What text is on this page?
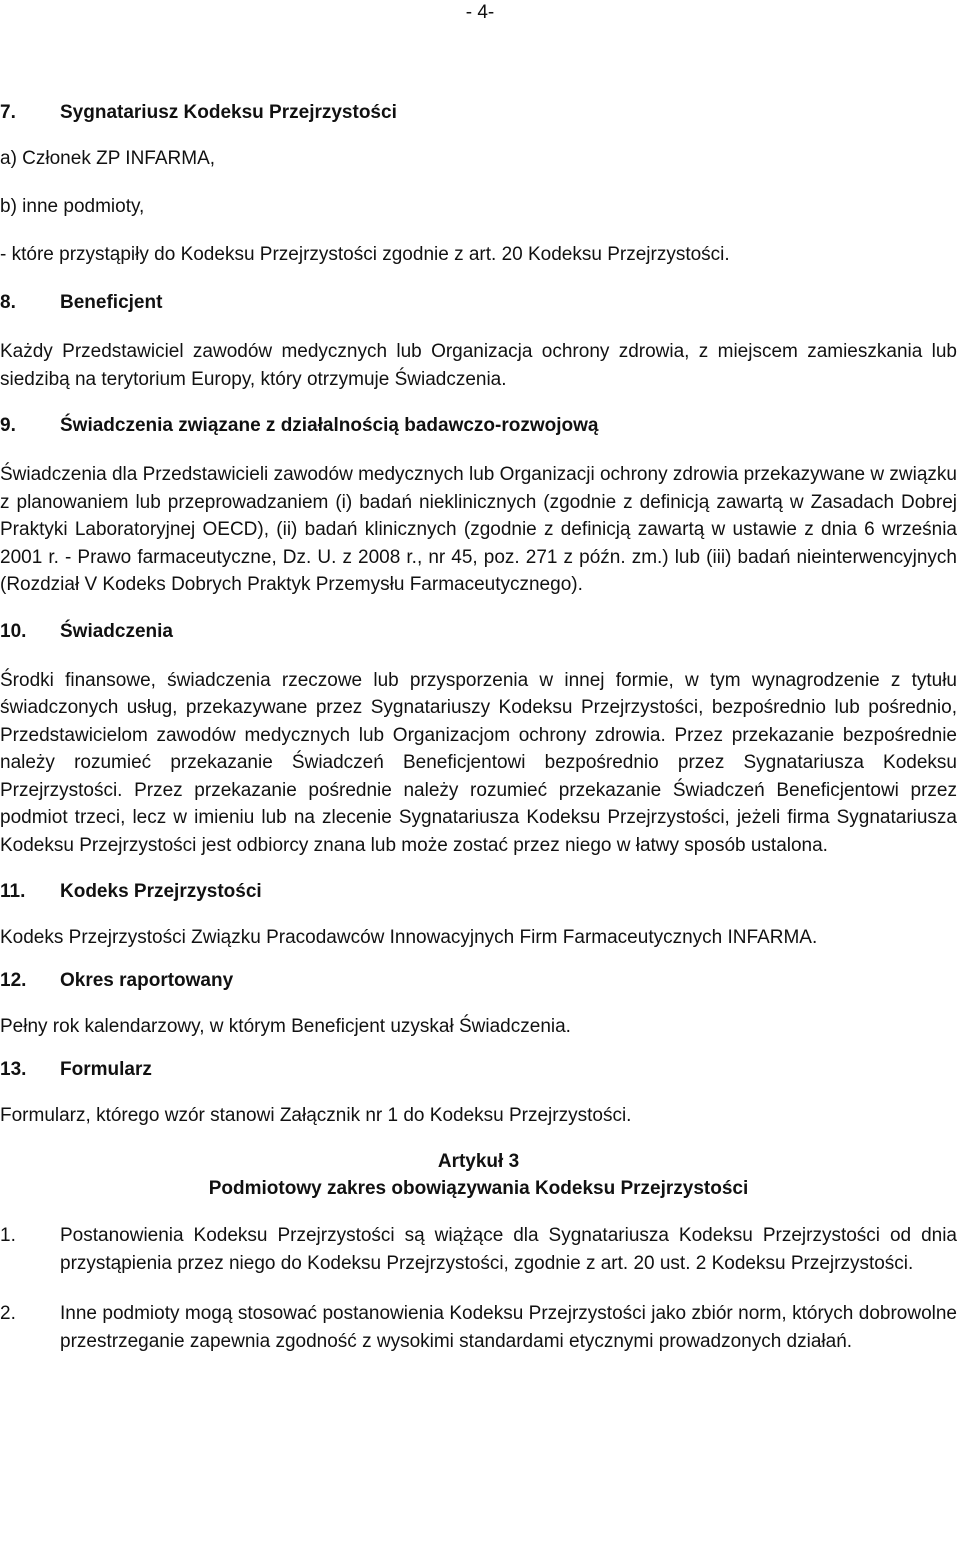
- 4-
7.	Sygnatariusz Kodeksu Przejrzystości
a) Członek ZP INFARMA,
b) inne podmioty,
- które przystąpiły do Kodeksu Przejrzystości zgodnie z art. 20 Kodeksu Przejrzystości.
8.	Beneficjent

Każdy Przedstawiciel zawodów medycznych lub Organizacja ochrony zdrowia, z miejscem zamieszkania lub siedzibą na terytorium Europy, który otrzymuje Świadczenia.

9.	Świadczenia związane z działalnością badawczo-rozwojową

Świadczenia dla Przedstawicieli zawodów medycznych lub Organizacji ochrony zdrowia przekazywane w związku z planowaniem lub przeprowadzaniem (i) badań nieklinicznych (zgodnie z definicją zawartą w Zasadach Dobrej Praktyki Laboratoryjnej OECD), (ii) badań klinicznych (zgodnie z definicją zawartą w ustawie z dnia 6 września 2001 r. - Prawo farmaceutyczne, Dz. U. z 2008 r., nr 45, poz. 271 z późn. zm.) lub (iii) badań nieinterwencyjnych (Rozdział V Kodeks Dobrych Praktyk Przemysłu Farmaceutycznego).

10.	Świadczenia

Środki finansowe, świadczenia rzeczowe lub przysporzenia w innej formie, w tym wynagrodzenie z tytułu świadczonych usług, przekazywane przez Sygnatariuszy Kodeksu Przejrzystości, bezpośrednio lub pośrednio, Przedstawicielom zawodów medycznych lub Organizacjom ochrony zdrowia. Przez przekazanie bezpośrednie należy rozumieć przekazanie Świadczeń Beneficjentowi bezpośrednio przez Sygnatariusza Kodeksu Przejrzystości. Przez przekazanie pośrednie należy rozumieć przekazanie Świadczeń Beneficjentowi przez podmiot trzeci, lecz w imieniu lub na zlecenie Sygnatariusza Kodeksu Przejrzystości, jeżeli firma Sygnatariusza Kodeksu Przejrzystości jest odbiorcy znana lub może zostać przez niego w łatwy sposób ustalona.

11.	Kodeks Przejrzystości

Kodeks Przejrzystości Związku Pracodawców Innowacyjnych Firm Farmaceutycznych INFARMA.

12.	Okres raportowany

Pełny rok kalendarzowy, w którym Beneficjent uzyskał Świadczenia.

13.	Formularz

Formularz, którego wzór stanowi Załącznik nr 1 do Kodeksu Przejrzystości.

Artykuł 3
Podmiotowy zakres obowiązywania Kodeksu Przejrzystości
1.	Postanowienia Kodeksu Przejrzystości są wiążące dla Sygnatariusza Kodeksu Przejrzystości od dnia przystąpienia przez niego do Kodeksu Przejrzystości, zgodnie z art. 20 ust. 2 Kodeksu Przejrzystości.
2.	Inne podmioty mogą stosować postanowienia Kodeksu Przejrzystości jako zbiór norm, których dobrowolne przestrzeganie zapewnia zgodność z wysokimi standardami etycznymi prowadzonych działań.
